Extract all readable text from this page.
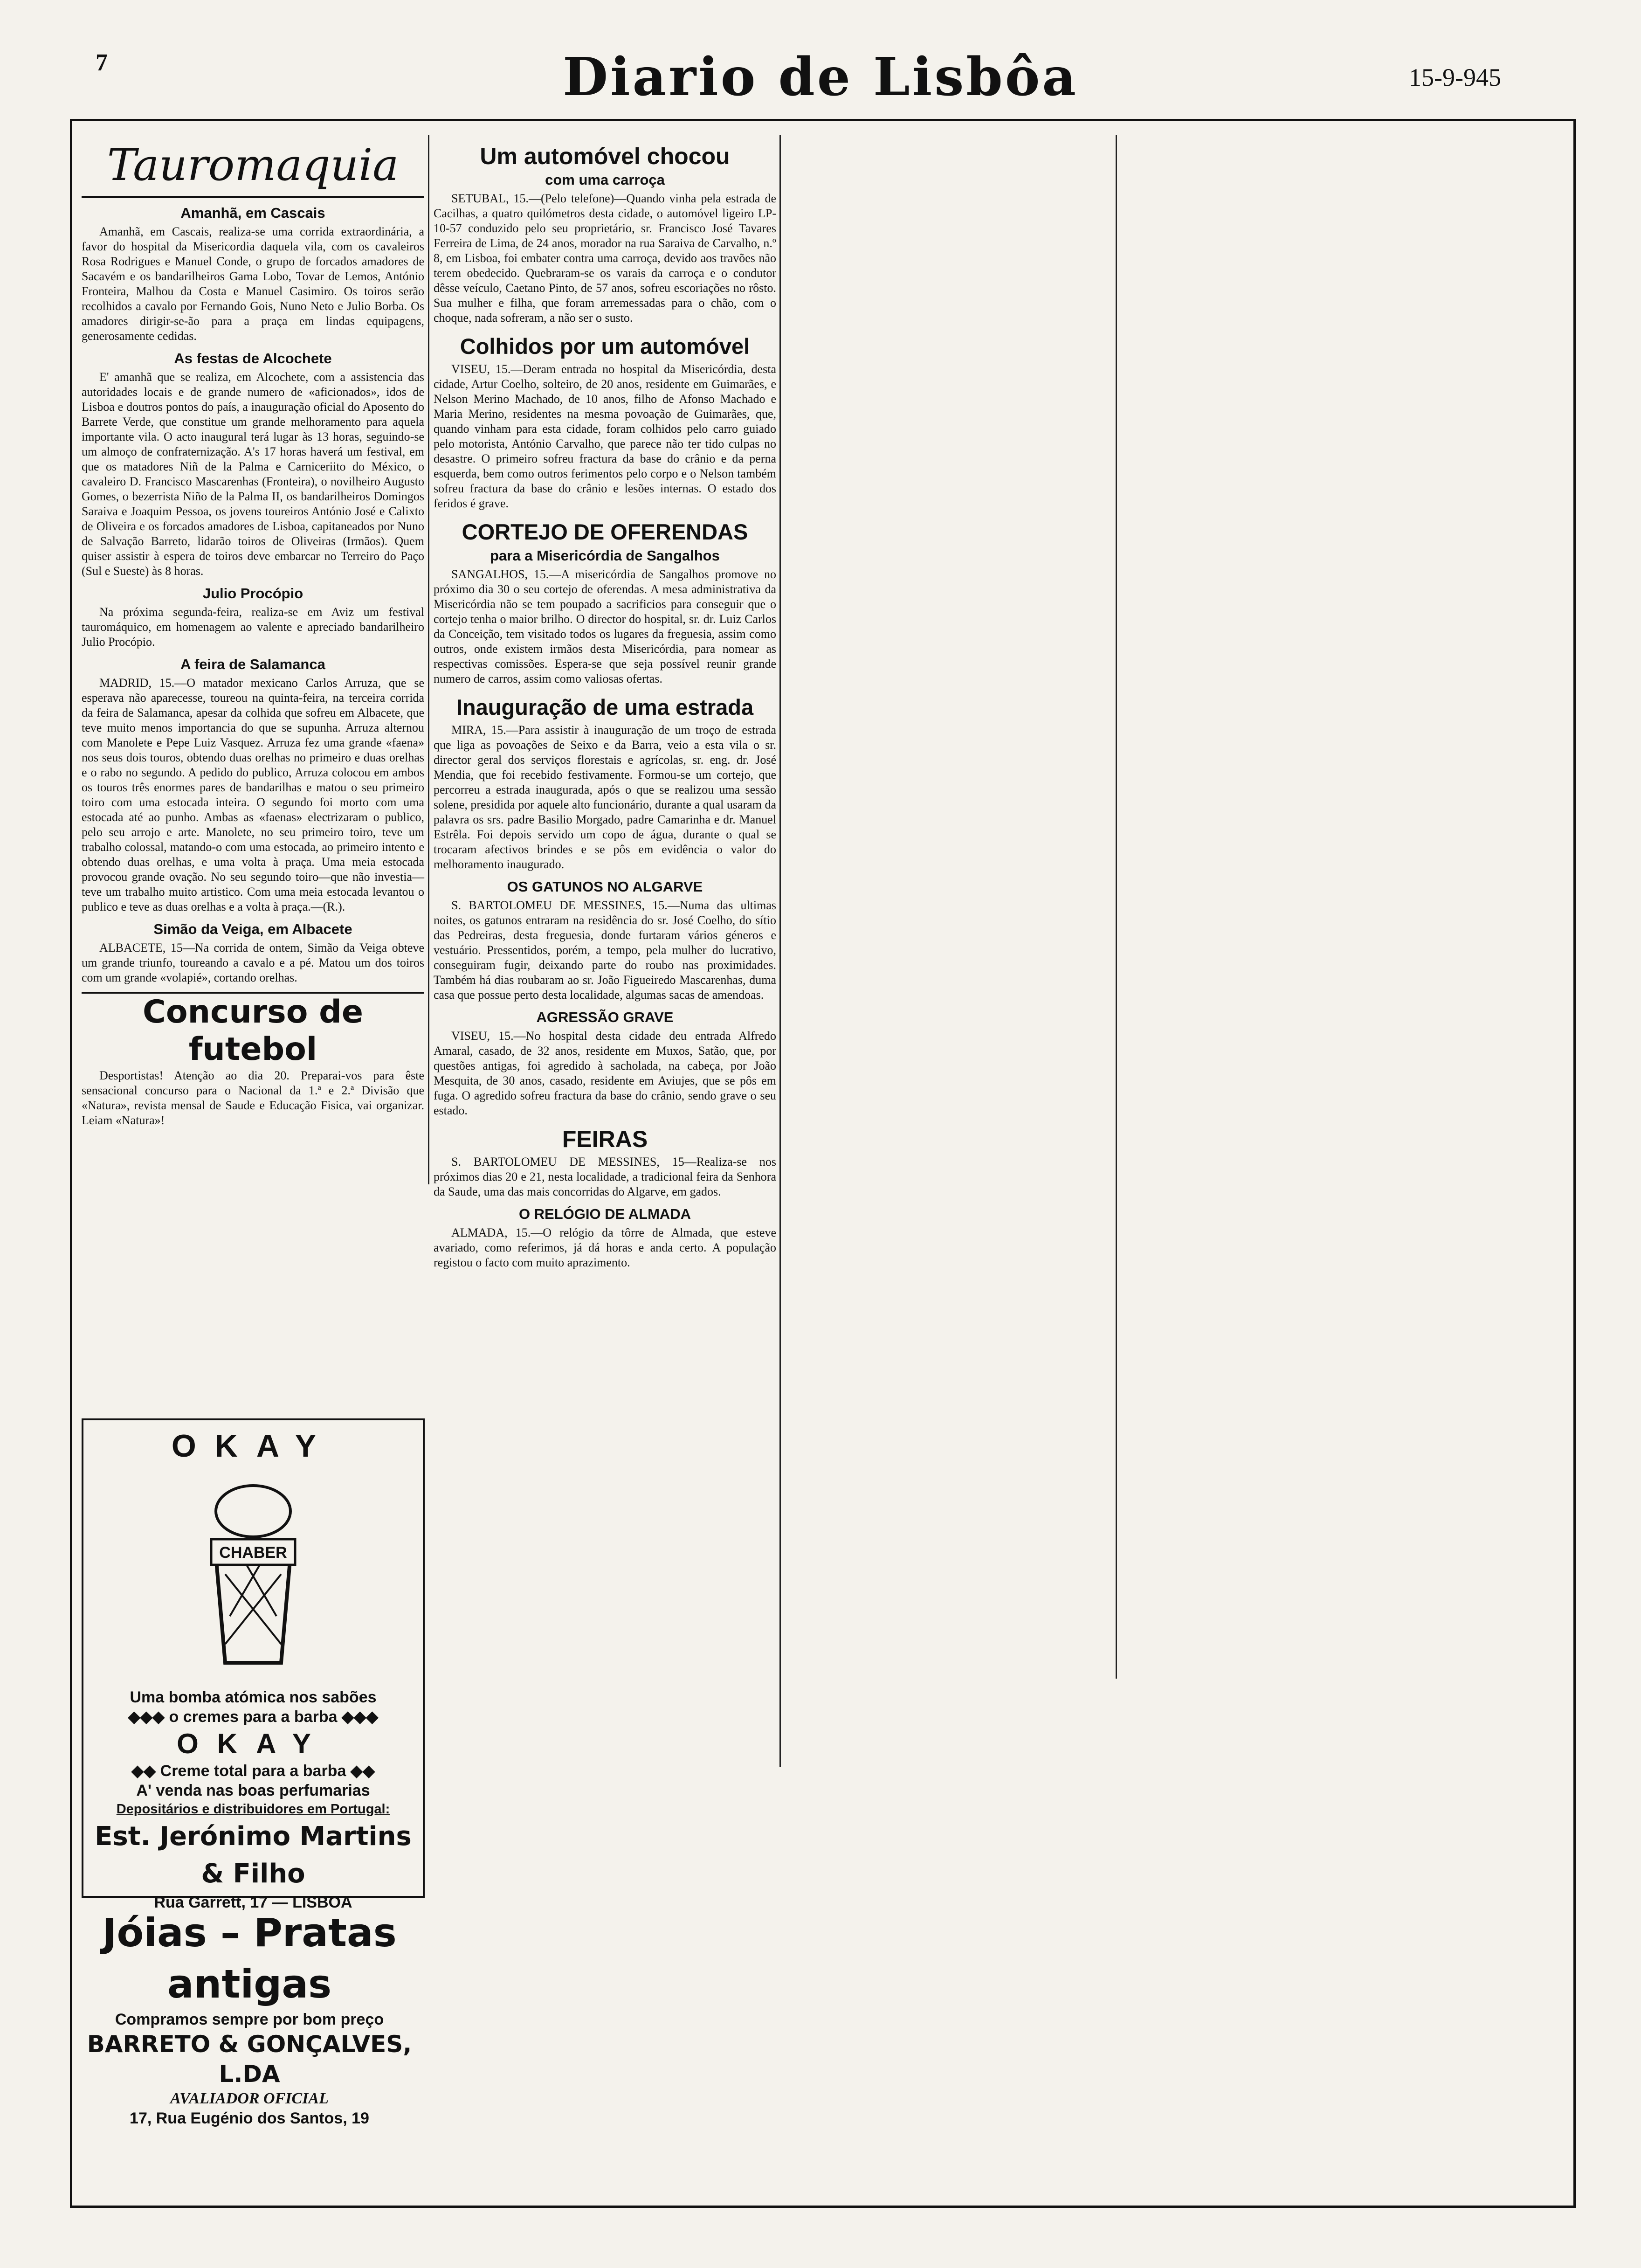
7	Diario de Lisbôa	15-9-945
Tauromaquia
Amanhã, em Cascais

Amanhã, em Cascais, realiza-se uma corrida extraordinária, a favor do hospital da Misericordia daquela vila, com os cavaleiros Rosa Rodrigues e Manuel Conde, o grupo de forcados amadores de Sacavém e os bandarilheiros Gama Lobo, Tovar de Lemos, António Fronteira, Malhou da Costa e Manuel Casimiro. Os toiros serão recolhidos a cavalo por Fernando Gois, Nuno Neto e Julio Borba. Os amadores dirigir-se-ão para a praça em lindas equipagens, generosamente cedidas.

As festas de Alcochete

E' amanhã que se realiza, em Alcochete, com a assistencia das autoridades locais e de grande numero de «aficionados», idos de Lisboa e doutros pontos do país, a inauguração oficial do Aposento do Barrete Verde, que constitue um grande melhoramento para aquela importante vila. O acto inaugural terá lugar às 13 horas, seguindo-se um almoço de confraternização. A's 17 horas haverá um festival, em que os matadores Niñ de la Palma e Carniceriito do México, o cavaleiro D. Francisco Mascarenhas (Fronteira), o novilheiro Augusto Gomes, o bezerrista Niño de la Palma II, os bandarilheiros Domingos Saraiva e Joaquim Pessoa, os jovens toureiros António José e Calixto de Oliveira e os forcados amadores de Lisboa, capitaneados por Nuno de Salvação Barreto, lidarão toiros de Oliveiras (Irmãos). Quem quiser assistir à espera de toiros deve embarcar no Terreiro do Paço (Sul e Sueste) às 8 horas.

Julio Procópio

Na próxima segunda-feira, realiza-se em Aviz um festival tauromáquico, em homenagem ao valente e apreciado bandarilheiro Julio Procópio.

A feira de Salamanca

MADRID, 15.—O matador mexicano Carlos Arruza, que se esperava não aparecesse, toureou na quinta-feira, na terceira corrida da feira de Salamanca, apesar da colhida que sofreu em Albacete, que teve muito menos importancia do que se supunha. Arruza alternou com Manolete e Pepe Luiz Vasquez. Arruza fez uma grande «faena» nos seus dois touros, obtendo duas orelhas no primeiro e duas orelhas e o rabo no segundo. A pedido do publico, Arruza colocou em ambos os touros três enormes pares de bandarilhas e matou o seu primeiro toiro com uma estocada inteira. O segundo foi morto com uma estocada até ao punho. Ambas as «faenas» electrizaram o publico, pelo seu arrojo e arte. Manolete, no seu primeiro toiro, teve um trabalho colossal, matando-o com uma estocada, ao primeiro intento e obtendo duas orelhas, e uma volta à praça. Uma meia estocada provocou grande ovação. No seu segundo toiro—que não investia—teve um trabalho muito artistico. Com uma meia estocada levantou o publico e teve as duas orelhas e a volta à praça.—(R.).

Simão da Veiga, em Albacete

ALBACETE, 15—Na corrida de ontem, Simão da Veiga obteve um grande triunfo, toureando a cavalo e a pé. Matou um dos toiros com um grande «volapié», cortando orelhas.

Concurso de futebol

Desportistas! Atenção ao dia 20. Preparai-vos para êste sensacional concurso para o Nacional da 1.ª e 2.ª Divisão que «Natura», revista mensal de Saude e Educação Fisica, vai organizar. Leiam «Natura»!

OKAY
CHABER
Uma bomba atómica nos sabões
◆◆◆ o cremes para a barba ◆◆◆
OKAY
◆◆ Creme total para a barba ◆◆
A' venda nas boas perfumarias
Depositários e distribuidores em Portugal:
Est. Jerónimo Martins & Filho
Rua Garrett, 17 — LISBOA
Jóias – Pratas antigas
Compramos sempre por bom preço
BARRETO & GONÇALVES, L.DA
AVALIADOR OFICIAL
17, Rua Eugénio dos Santos, 19
Um automóvel chocou
com uma carroça

SETUBAL, 15.—(Pelo telefone)—Quando vinha pela estrada de Cacilhas, a quatro quilómetros desta cidade, o automóvel ligeiro LP-10-57 conduzido pelo seu proprietário, sr. Francisco José Tavares Ferreira de Lima, de 24 anos, morador na rua Saraiva de Carvalho, n.º 8, em Lisboa, foi embater contra uma carroça, devido aos travões não terem obedecido. Quebraram-se os varais da carroça e o condutor dêsse veículo, Caetano Pinto, de 57 anos, sofreu escoriações no rôsto. Sua mulher e filha, que foram arremessadas para o chão, com o choque, nada sofreram, a não ser o susto.

Colhidos por um automóvel

VISEU, 15.—Deram entrada no hospital da Misericórdia, desta cidade, Artur Coelho, solteiro, de 20 anos, residente em Guimarães, e Nelson Merino Machado, de 10 anos, filho de Afonso Machado e Maria Merino, residentes na mesma povoação de Guimarães, que, quando vinham para esta cidade, foram colhidos pelo carro guiado pelo motorista, António Carvalho, que parece não ter tido culpas no desastre. O primeiro sofreu fractura da base do crânio e da perna esquerda, bem como outros ferimentos pelo corpo e o Nelson também sofreu fractura da base do crânio e lesões internas. O estado dos feridos é grave.

CORTEJO DE OFERENDAS
para a Misericórdia de Sangalhos

SANGALHOS, 15.—A misericórdia de Sangalhos promove no próximo dia 30 o seu cortejo de oferendas. A mesa administrativa da Misericórdia não se tem poupado a sacrificios para conseguir que o cortejo tenha o maior brilho. O director do hospital, sr. dr. Luiz Carlos da Conceição, tem visitado todos os lugares da freguesia, assim como outros, onde existem irmãos desta Misericórdia, para nomear as respectivas comissões. Espera-se que seja possível reunir grande numero de carros, assim como valiosas ofertas.

Inauguração de uma estrada

MIRA, 15.—Para assistir à inauguração de um troço de estrada que liga as povoações de Seixo e da Barra, veio a esta vila o sr. director geral dos serviços florestais e agrícolas, sr. eng. dr. José Mendia, que foi recebido festivamente. Formou-se um cortejo, que percorreu a estrada inaugurada, após o que se realizou uma sessão solene, presidida por aquele alto funcionário, durante a qual usaram da palavra os srs. padre Basilio Morgado, padre Camarinha e dr. Manuel Estrêla. Foi depois servido um copo de água, durante o qual se trocaram afectivos brindes e se pôs em evidência o valor do melhoramento inaugurado.

OS GATUNOS NO ALGARVE

S. BARTOLOMEU DE MESSINES, 15.—Numa das ultimas noites, os gatunos entraram na residência do sr. José Coelho, do sítio das Pedreiras, desta freguesia, donde furtaram vários géneros e vestuário. Pressentidos, porém, a tempo, pela mulher do lucrativo, conseguiram fugir, deixando parte do roubo nas proximidades. Também há dias roubaram ao sr. João Figueiredo Mascarenhas, duma casa que possue perto desta localidade, algumas sacas de amendoas.

AGRESSÃO GRAVE

VISEU, 15.—No hospital desta cidade deu entrada Alfredo Amaral, casado, de 32 anos, residente em Muxos, Satão, que, por questões antigas, foi agredido à sacholada, na cabeça, por João Mesquita, de 30 anos, casado, residente em Aviujes, que se pôs em fuga. O agredido sofreu fractura da base do crânio, sendo grave o seu estado.

FEIRAS

S. BARTOLOMEU DE MESSINES, 15—Realiza-se nos próximos dias 20 e 21, nesta localidade, a tradicional feira da Senhora da Saude, uma das mais concorridas do Algarve, em gados.

O RELÓGIO DE ALMADA

ALMADA, 15.—O relógio da tôrre de Almada, que esteve avariado, como referimos, já dá horas e anda certo. A população registou o facto com muito aprazimento.
